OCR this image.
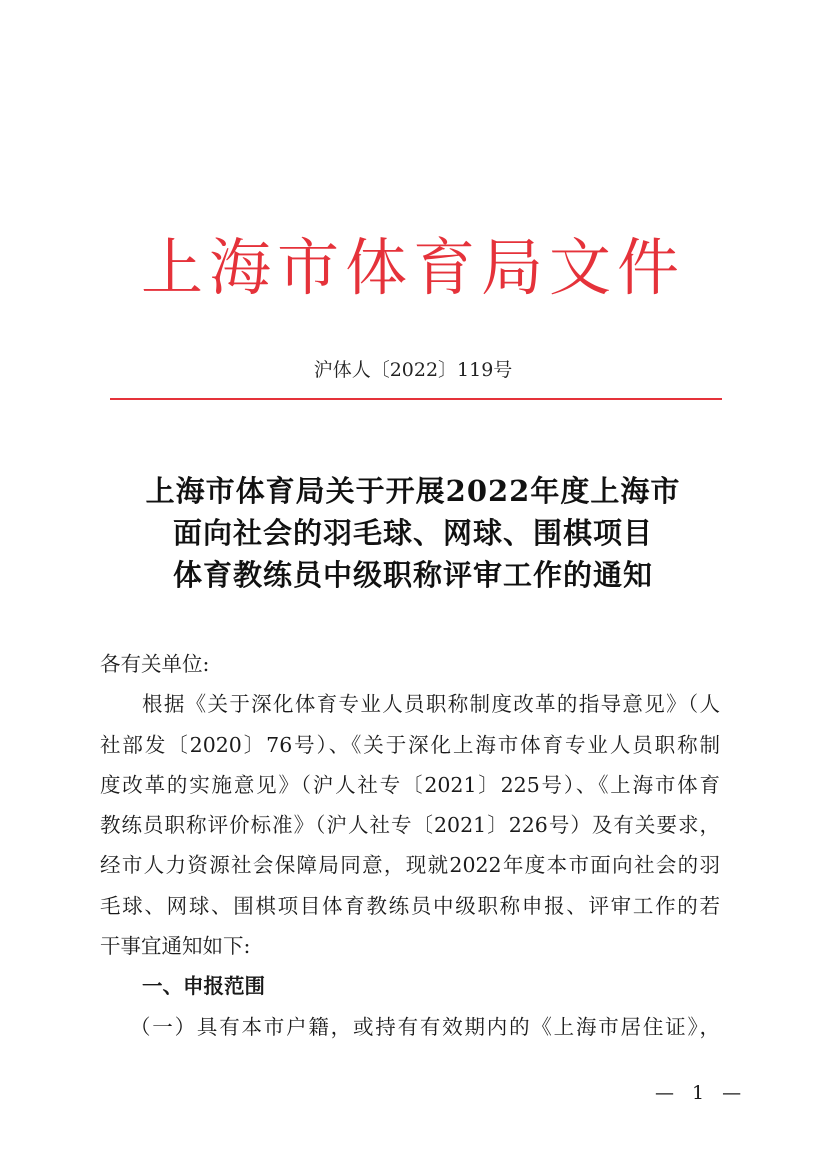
上海市体育局文件
沪体人〔2022〕119号
上海市体育局关于开展2022年度上海市
面向社会的羽毛球、网球、围棋项目
体育教练员中级职称评审工作的通知
各有关单位:
根据《关于深化体育专业人员职称制度改革的指导意见》（人
社部发〔2020〕76号）、《关于深化上海市体育专业人员职称制
度改革的实施意见》（沪人社专〔2021〕225号）、《上海市体育
教练员职称评价标准》（沪人社专〔2021〕226号）及有关要求，
经市人力资源社会保障局同意，现就2022年度本市面向社会的羽
毛球、网球、围棋项目体育教练员中级职称申报、评审工作的若
干事宜通知如下:
一、申报范围
（一）具有本市户籍，或持有有效期内的《上海市居住证》，
— 1 —
